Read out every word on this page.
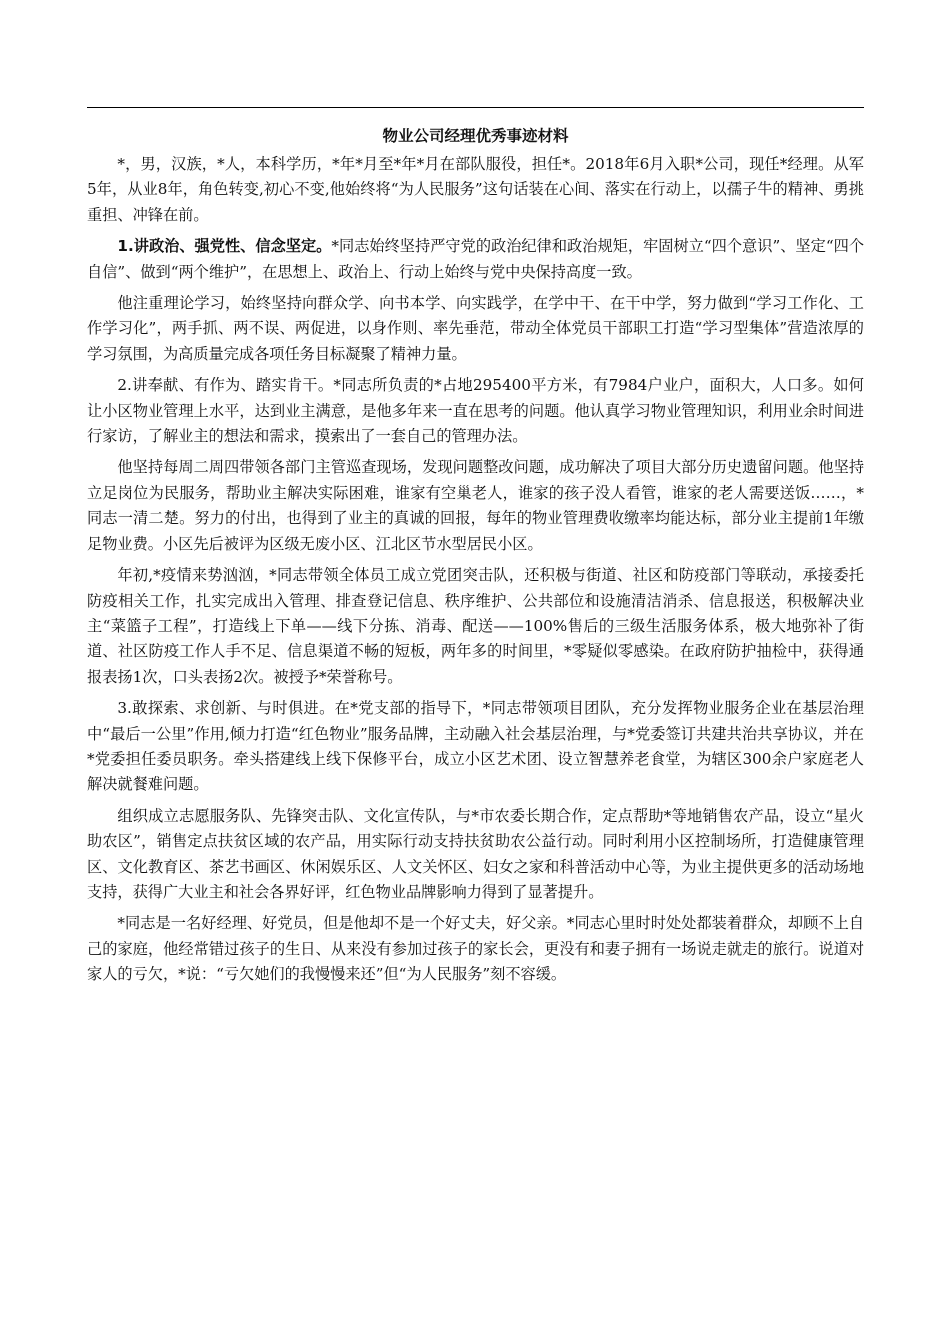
物业公司经理优秀事迹材料

*，男，汉族，*人，本科学历，*年*月至*年*月在部队服役，担任*。2018年6月入职*公司，现任*经理。从军5年，从业8年，角色转变,初心不变,他始终将“为人民服务”这句话装在心间、落实在行动上，以孺子牛的精神、勇挑重担、冲锋在前。

1.讲政治、强党性、信念坚定。*同志始终坚持严守党的政治纪律和政治规矩，牢固树立“四个意识”、坚定“四个自信”、做到“两个维护”，在思想上、政治上、行动上始终与党中央保持高度一致。

他注重理论学习，始终坚持向群众学、向书本学、向实践学，在学中干、在干中学，努力做到“学习工作化、工作学习化”，两手抓、两不误、两促进，以身作则、率先垂范，带动全体党员干部职工打造“学习型集体”营造浓厚的学习氛围，为高质量完成各项任务目标凝聚了精神力量。

2.讲奉献、有作为、踏实肯干。*同志所负责的*占地295400平方米，有7984户业户，面积大，人口多。如何让小区物业管理上水平，达到业主满意，是他多年来一直在思考的问题。他认真学习物业管理知识，利用业余时间进行家访，了解业主的想法和需求，摸索出了一套自己的管理办法。

他坚持每周二周四带领各部门主管巡查现场，发现问题整改问题，成功解决了项目大部分历史遗留问题。他坚持立足岗位为民服务，帮助业主解决实际困难，谁家有空巢老人，谁家的孩子没人看管，谁家的老人需要送饭……，*同志一清二楚。努力的付出，也得到了业主的真诚的回报，每年的物业管理费收缴率均能达标，部分业主提前1年缴足物业费。小区先后被评为区级无废小区、江北区节水型居民小区。

年初,*疫情来势汹汹，*同志带领全体员工成立党团突击队，还积极与街道、社区和防疫部门等联动，承接委托防疫相关工作，扎实完成出入管理、排查登记信息、秩序维护、公共部位和设施清洁消杀、信息报送，积极解决业主“菜篮子工程”，打造线上下单——线下分拣、消毒、配送——100%售后的三级生活服务体系，极大地弥补了街道、社区防疫工作人手不足、信息渠道不畅的短板，两年多的时间里，*零疑似零感染。在政府防护抽检中，获得通报表扬1次，口头表扬2次。被授予*荣誉称号。

3.敢探索、求创新、与时俱进。在*党支部的指导下，*同志带领项目团队，充分发挥物业服务企业在基层治理中“最后一公里”作用,倾力打造“红色物业”服务品牌，主动融入社会基层治理，与*党委签订共建共治共享协议，并在*党委担任委员职务。牵头搭建线上线下保修平台，成立小区艺术团、设立智慧养老食堂，为辖区300余户家庭老人解决就餐难问题。

组织成立志愿服务队、先锋突击队、文化宣传队，与*市农委长期合作，定点帮助*等地销售农产品，设立“星火助农区”，销售定点扶贫区域的农产品，用实际行动支持扶贫助农公益行动。同时利用小区控制场所，打造健康管理区、文化教育区、茶艺书画区、休闲娱乐区、人文关怀区、妇女之家和科普活动中心等，为业主提供更多的活动场地支持，获得广大业主和社会各界好评，红色物业品牌影响力得到了显著提升。

*同志是一名好经理、好党员，但是他却不是一个好丈夫，好父亲。*同志心里时时处处都装着群众，却顾不上自己的家庭，他经常错过孩子的生日、从来没有参加过孩子的家长会，更没有和妻子拥有一场说走就走的旅行。说道对家人的亏欠，*说：“亏欠她们的我慢慢来还”但“为人民服务”刻不容缓。
